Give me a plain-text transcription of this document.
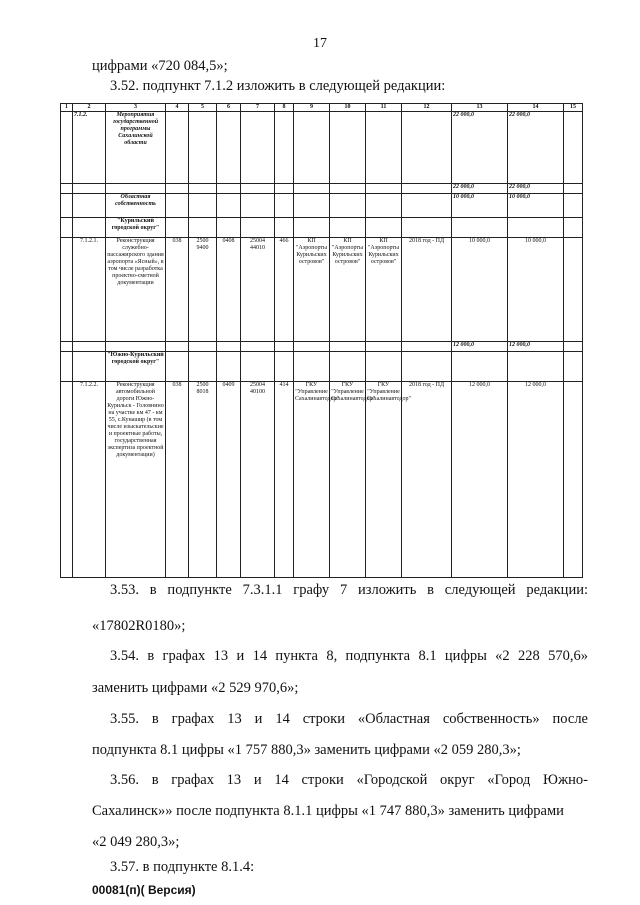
17
цифрами «720 084,5»;
3.52. подпункт 7.1.2 изложить в следующей редакции:
1	2	3	4	5	6	7	8	9	10	11	12	13	14	15
	7.1.2.	Мероприятия государственной программы Сахалинской области										22 000,0	22 000,0	
												22 000,0	22 000,0	
		Областная собственность										10 000,0	10 000,0	
		"Курильский городской округ"												
	7.1.2.1.	Реконструкция служебно-пассажирского здания аэропорта «Ясный», в том числе разработка проектно-сметной документации	038	2500 9400	0408	25004 44010	466	КП "Аэропорты Курильских островов"	КП "Аэропорты Курильских островов"	КП "Аэропорты Курильских островов"	2018 год - ПД	10 000,0	10 000,0	
												12 000,0	12 000,0	
		"Южно-Курильский городской округ"												
	7.1.2.2.	Реконструкция автомобильной дороги Южно-Курильск - Головнино на участке км 47 - км 55, с.Кунашир (в том числе изыскательские и проектные работы, государственная экспертиза проектной документации)	038	2500 8018	0409	25004 40100	414	ГКУ "Управление Сахалинавтодор"	ГКУ "Управление Сахалинавтодор"	ГКУ "Управление Сахалинавтодор"	2018 год - ПД	12 000,0	12 000,0	
3.53. в подпункте 7.3.1.1 графу 7 изложить в следующей редакции:
«17802R0180»;
3.54. в графах 13 и 14 пункта 8, подпункта 8.1 цифры «2 228 570,6»
заменить цифрами «2 529 970,6»;
3.55. в графах 13 и 14 строки «Областная собственность» после
подпункта 8.1 цифры «1 757 880,3» заменить цифрами «2 059 280,3»;
3.56. в графах 13 и 14 строки «Городской округ «Город Южно-
Сахалинск»» после подпункта 8.1.1 цифры «1 747 880,3» заменить цифрами
«2 049 280,3»;
3.57. в подпункте 8.1.4:
00081(п)( Версия)
